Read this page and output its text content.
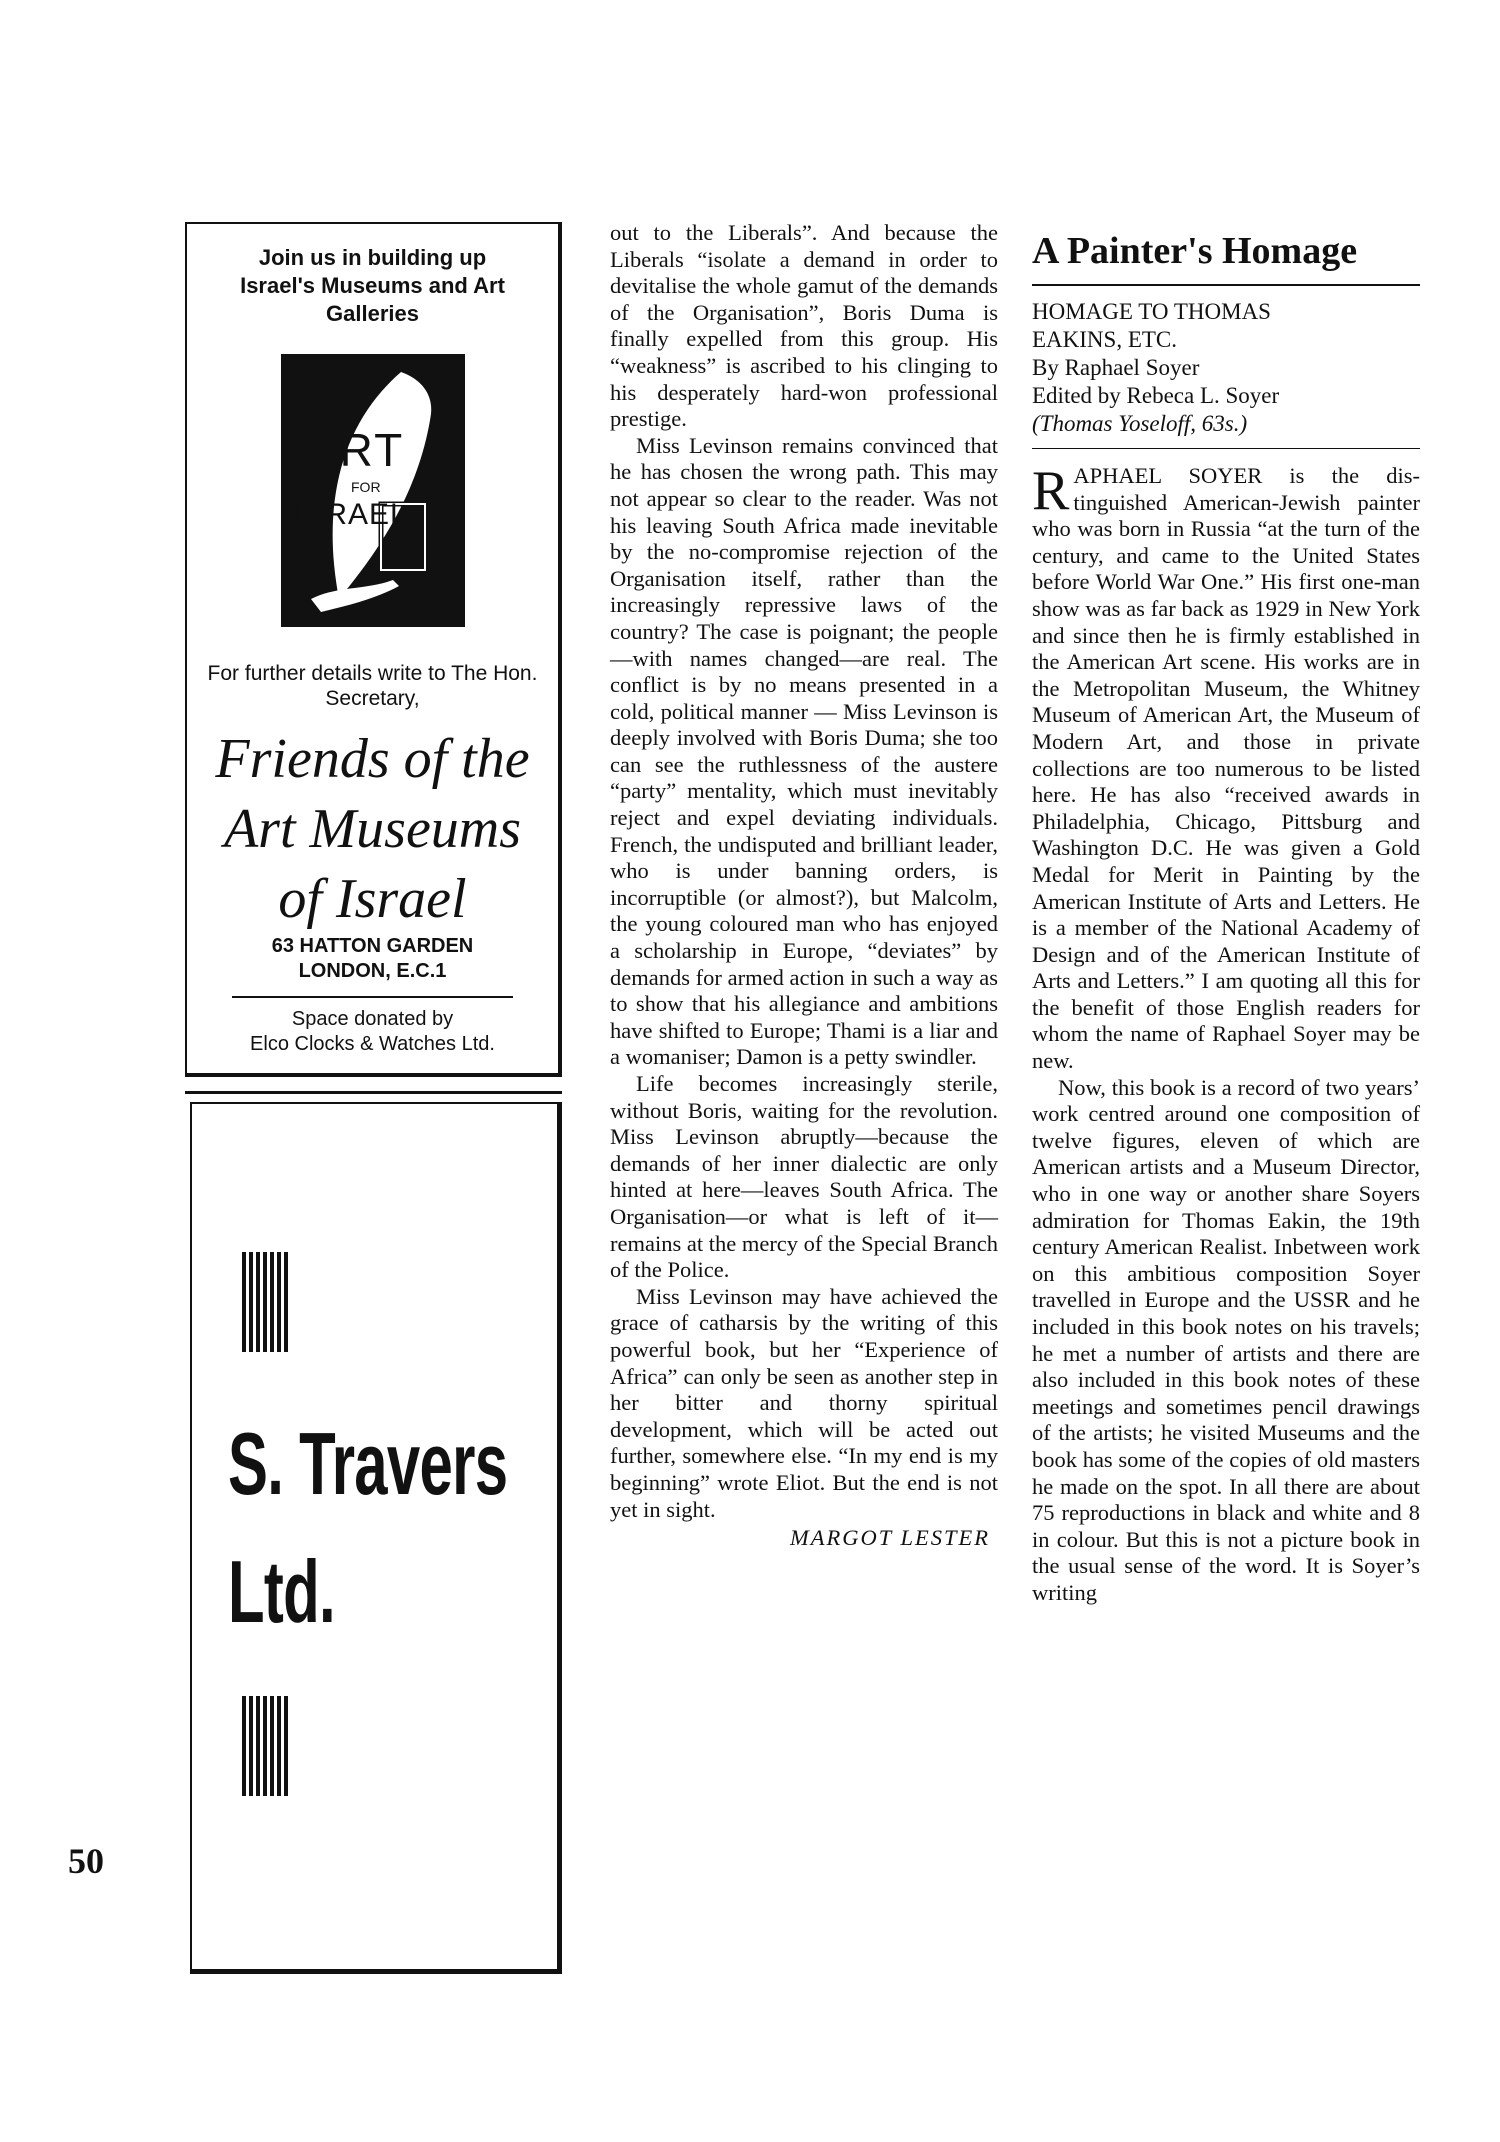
Join us in building up Israel's Museums and Art Galleries
ART
FOR
ISRAEL
For further details write to The Hon. Secretary,
Friends of the
Art Museums
of Israel
63 HATTON GARDEN
LONDON, E.C.1
Space donated by
Elco Clocks & Watches Ltd.
S. Travers
Ltd.
50

out to the Liberals”. And because the Liberals “isolate a demand in order to devitalise the whole gamut of the demands of the Organisation”, Boris Duma is finally expelled from this group. His “weakness” is ascribed to his clinging to his desperately hard-won professional prestige.

Miss Levinson remains convinced that he has chosen the wrong path. This may not appear so clear to the reader. Was not his leaving South Africa made inevitable by the no-compromise rejection of the Organisation itself, rather than the increasingly repressive laws of the country? The case is poignant; the people—with names changed—are real. The conflict is by no means presented in a cold, political manner — Miss Levinson is deeply involved with Boris Duma; she too can see the ruthlessness of the austere “party” mentality, which must inevitably reject and expel deviating individuals. French, the undisputed and brilliant leader, who is under banning orders, is incorruptible (or almost?), but Malcolm, the young coloured man who has enjoyed a scholarship in Europe, “deviates” by demands for armed action in such a way as to show that his allegiance and ambitions have shifted to Europe; Thami is a liar and a womaniser; Damon is a petty swindler.

Life becomes increasingly sterile, without Boris, waiting for the revolution. Miss Levinson abruptly—because the demands of her inner dialectic are only hinted at here—leaves South Africa. The Organisation—or what is left of it—remains at the mercy of the Special Branch of the Police.

Miss Levinson may have achieved the grace of catharsis by the writing of this powerful book, but her “Experience of Africa” can only be seen as another step in her bitter and thorny spiritual development, which will be acted out further, somewhere else. “In my end is my beginning” wrote Eliot. But the end is not yet in sight.

MARGOT LESTER
A Painter's Homage
HOMAGE TO THOMAS
EAKINS, ETC.
By Raphael Soyer
Edited by Rebeca L. Soyer
(Thomas Yoseloff, 63s.)

RAPHAEL SOYER is the distinguished American-Jewish painter who was born in Russia “at the turn of the century, and came to the United States before World War One.” His first one-man show was as far back as 1929 in New York and since then he is firmly established in the American Art scene. His works are in the Metropolitan Museum, the Whitney Museum of American Art, the Museum of Modern Art, and those in private collections are too numerous to be listed here. He has also “received awards in Philadelphia, Chicago, Pittsburg and Washington D.C. He was given a Gold Medal for Merit in Painting by the American Institute of Arts and Letters. He is a member of the National Academy of Design and of the American Institute of Arts and Letters.” I am quoting all this for the benefit of those English readers for whom the name of Raphael Soyer may be new.

Now, this book is a record of two years’ work centred around one composition of twelve figures, eleven of which are American artists and a Museum Director, who in one way or another share Soyers admiration for Thomas Eakin, the 19th century American Realist. Inbetween work on this ambitious composition Soyer travelled in Europe and the USSR and he included in this book notes on his travels; he met a number of artists and there are also included in this book notes of these meetings and sometimes pencil drawings of the artists; he visited Museums and the book has some of the copies of old masters he made on the spot. In all there are about 75 reproductions in black and white and 8 in colour. But this is not a picture book in the usual sense of the word. It is Soyer’s writing
